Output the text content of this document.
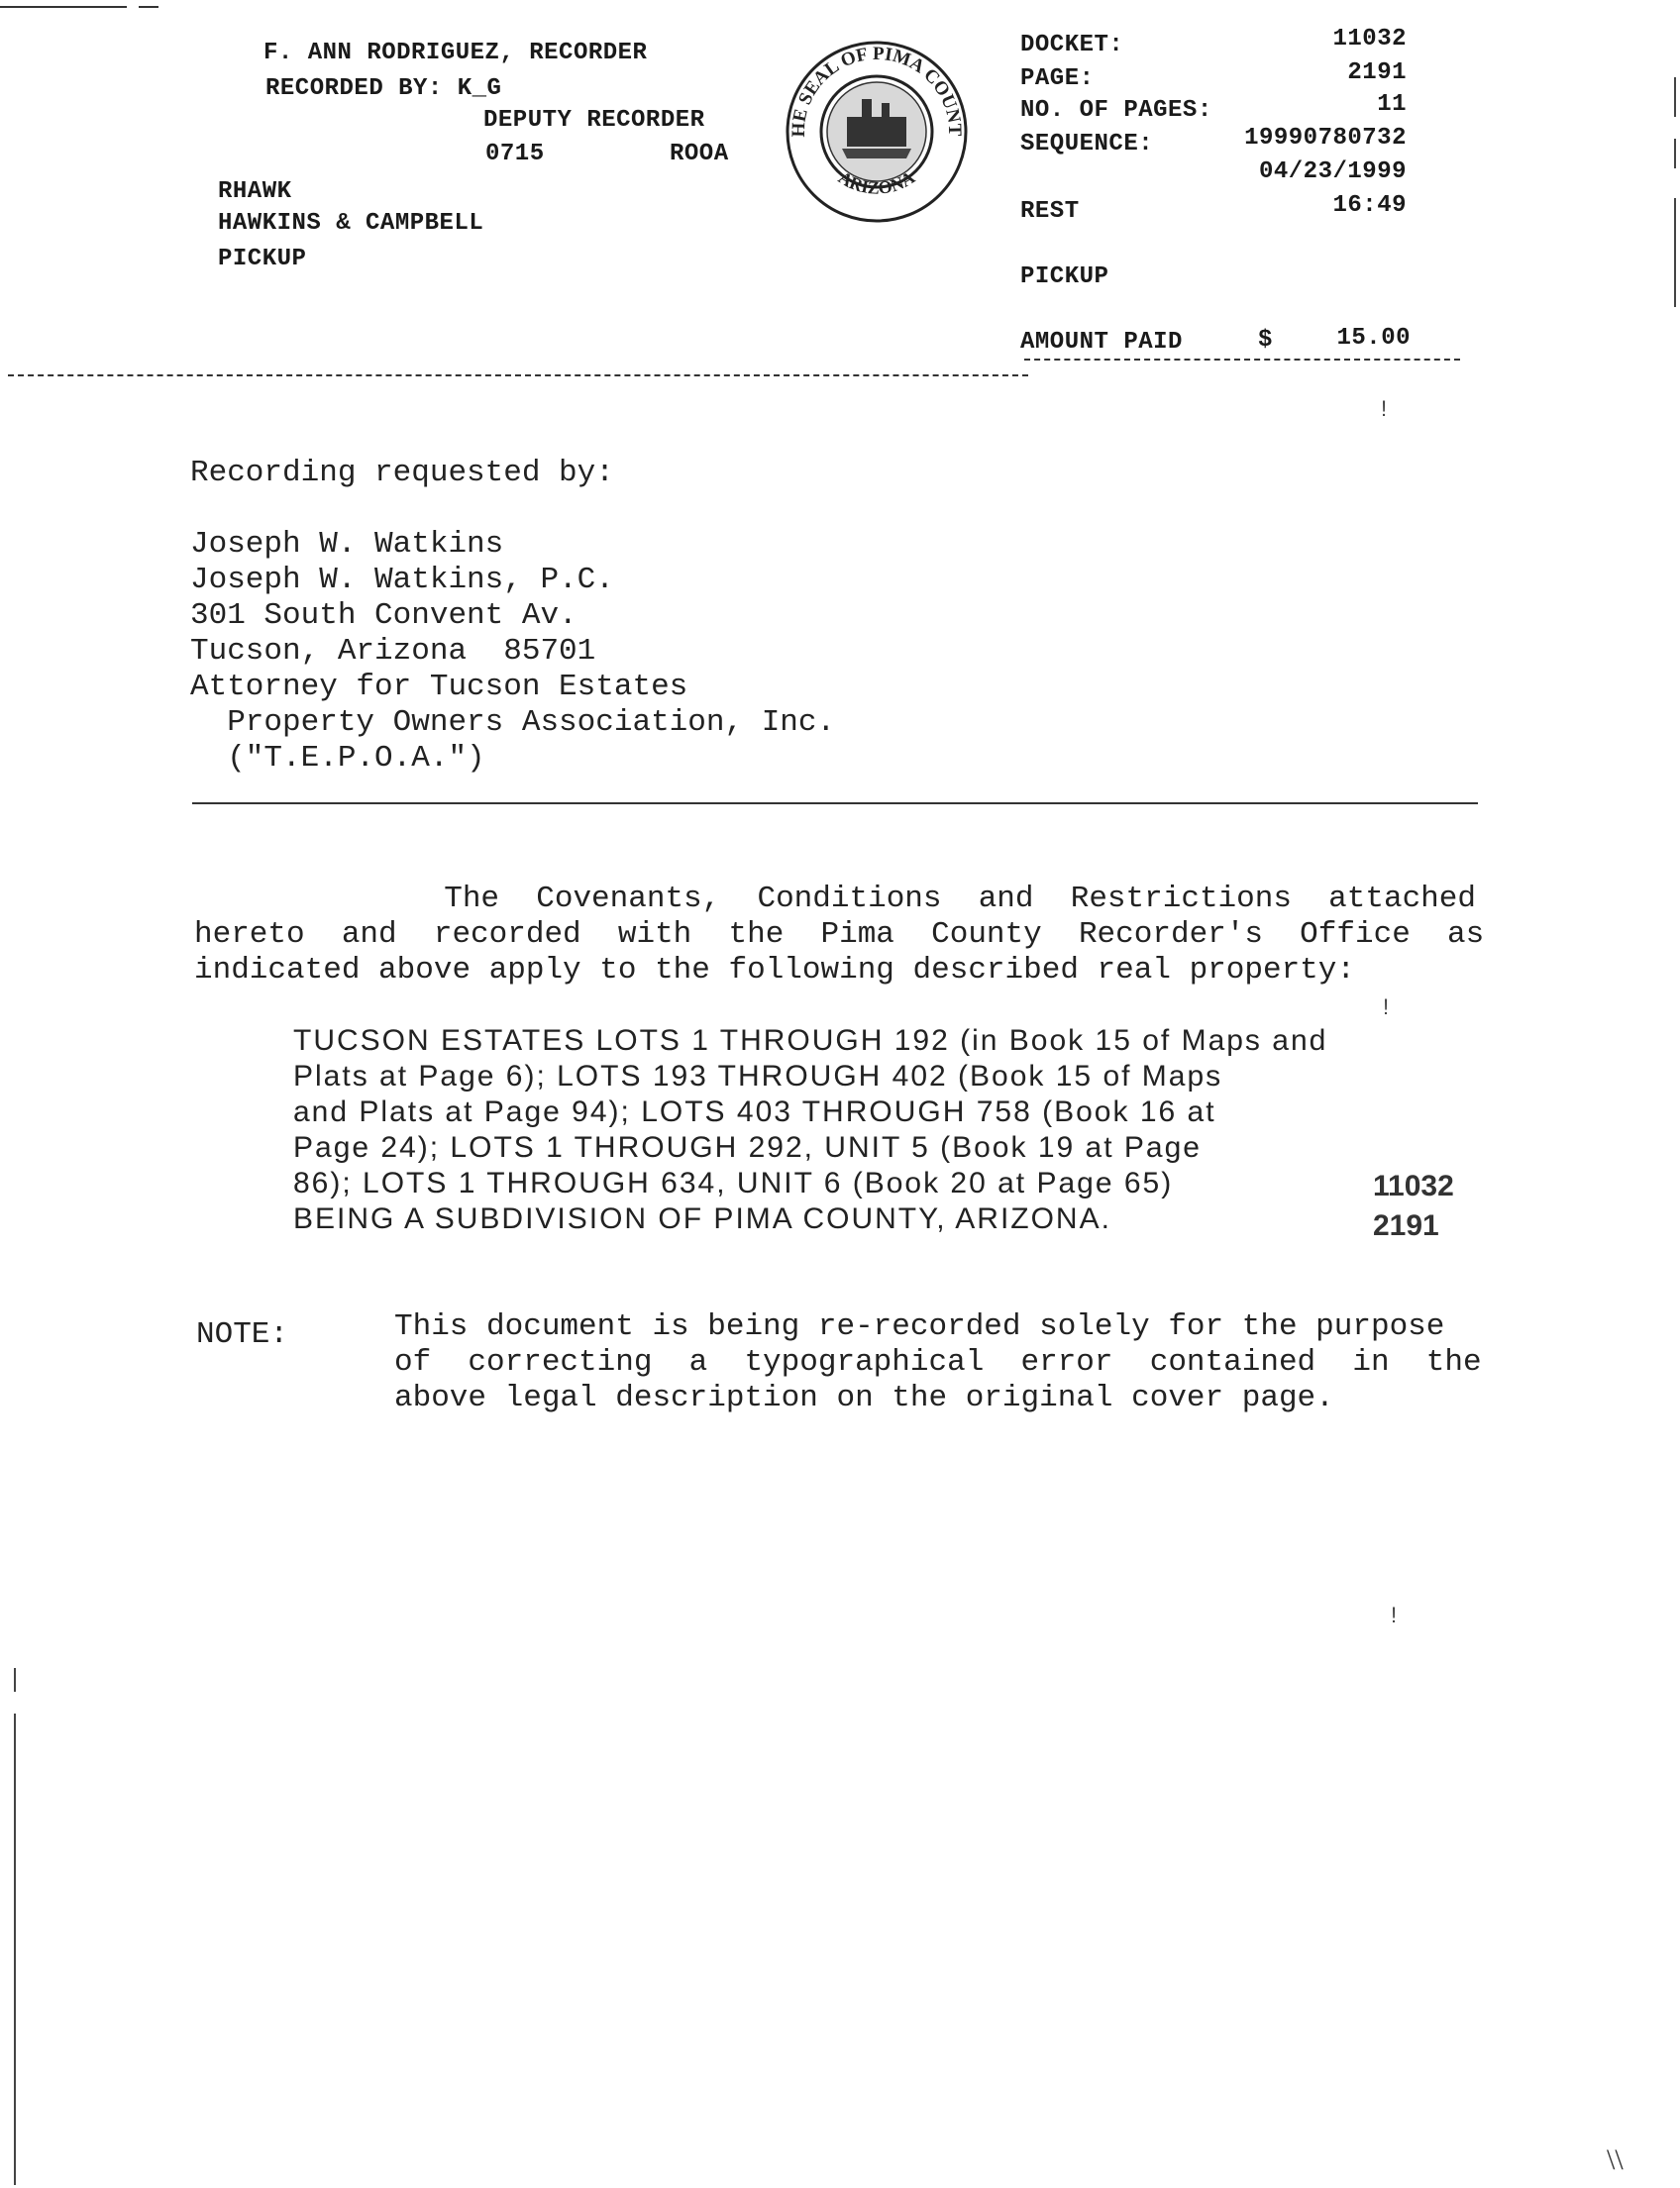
F. ANN RODRIGUEZ, RECORDER
RECORDED BY: K_G
DEPUTY RECORDER
0715	ROOA
RHAWK
HAWKINS & CAMPBELL
PICKUP
HE SEAL OF PIMA COUNT
ARIZONA
DOCKET:	11032
PAGE:	2191
NO. OF PAGES:	11
SEQUENCE:	19990780732
04/23/1999
REST	16:49
PICKUP
AMOUNT PAID	$	15.00
Recording requested by:
Joseph W. Watkins
Joseph W. Watkins, P.C.
301 South Convent Av.
Tucson, Arizona  85701
Attorney for Tucson Estates
Property Owners Association, Inc.
("T.E.P.O.A.")
The  Covenants,  Conditions  and  Restrictions  attached
hereto  and  recorded  with  the  Pima  County  Recorder's  Office  as
indicated above apply to the following described real property:
!
TUCSON ESTATES LOTS 1 THROUGH 192 (in Book 15 of Maps and
Plats at Page 6); LOTS 193 THROUGH 402 (Book 15 of Maps
and Plats at Page 94); LOTS 403 THROUGH 758 (Book 16 at
Page 24); LOTS 1 THROUGH 292, UNIT 5 (Book 19 at Page
86); LOTS 1 THROUGH 634, UNIT 6 (Book 20 at Page 65)
BEING A SUBDIVISION OF PIMA COUNTY, ARIZONA.
NOTE:	This document is being re-recorded solely for the purpose
of  correcting  a  typographical  error  contained  in  the
above legal description on the original cover page.
11032 2191
!
!
\\
